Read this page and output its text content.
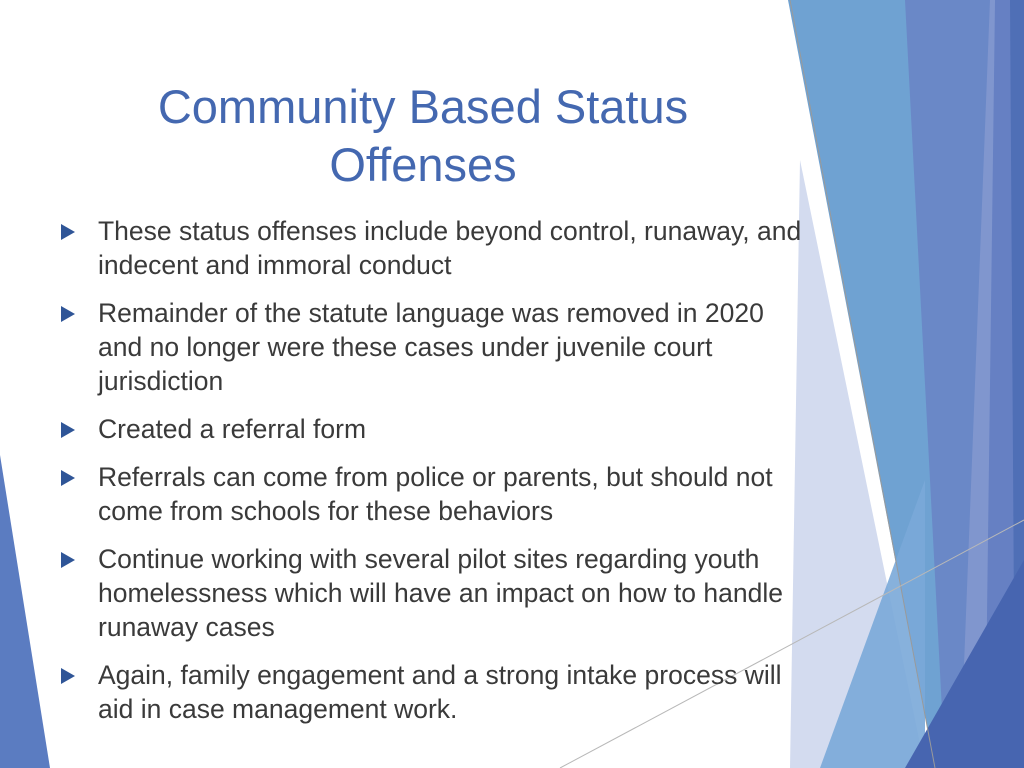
Community Based Status Offenses
These status offenses include beyond control, runaway, and indecent and immoral conduct
Remainder of the statute language was removed in 2020 and no longer were these cases under juvenile court jurisdiction
Created a referral form
Referrals can come from police or parents, but should not come from schools for these behaviors
Continue working with several pilot sites regarding youth homelessness which will have an impact on how to handle runaway cases
Again, family engagement and a strong intake process will aid in case management work.
